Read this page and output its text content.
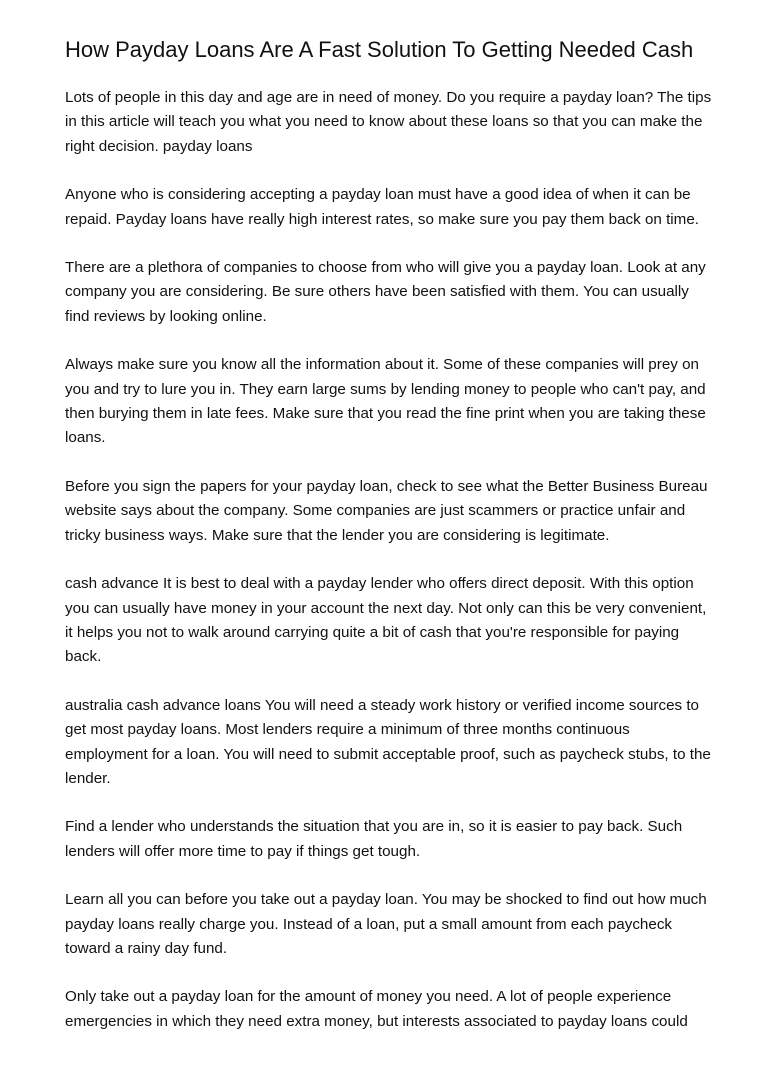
How Payday Loans Are A Fast Solution To Getting Needed Cash

Lots of people in this day and age are in need of money. Do you require a payday loan? The tips in this article will teach you what you need to know about these loans so that you can make the right decision. payday loans

Anyone who is considering accepting a payday loan must have a good idea of when it can be repaid. Payday loans have really high interest rates, so make sure you pay them back on time.

There are a plethora of companies to choose from who will give you a payday loan. Look at any company you are considering. Be sure others have been satisfied with them. You can usually find reviews by looking online.

Always make sure you know all the information about it. Some of these companies will prey on you and try to lure you in. They earn large sums by lending money to people who can't pay, and then burying them in late fees. Make sure that you read the fine print when you are taking these loans.

Before you sign the papers for your payday loan, check to see what the Better Business Bureau website says about the company. Some companies are just scammers or practice unfair and tricky business ways. Make sure that the lender you are considering is legitimate.

cash advance It is best to deal with a payday lender who offers direct deposit. With this option you can usually have money in your account the next day. Not only can this be very convenient, it helps you not to walk around carrying quite a bit of cash that you're responsible for paying back.

australia cash advance loans You will need a steady work history or verified income sources to get most payday loans. Most lenders require a minimum of three months continuous employment for a loan. You will need to submit acceptable proof, such as paycheck stubs, to the lender.

Find a lender who understands the situation that you are in, so it is easier to pay back. Such lenders will offer more time to pay if things get tough.

Learn all you can before you take out a payday loan. You may be shocked to find out how much payday loans really charge you. Instead of a loan, put a small amount from each paycheck toward a rainy day fund.

Only take out a payday loan for the amount of money you need. A lot of people experience emergencies in which they need extra money, but interests associated to payday loans could
